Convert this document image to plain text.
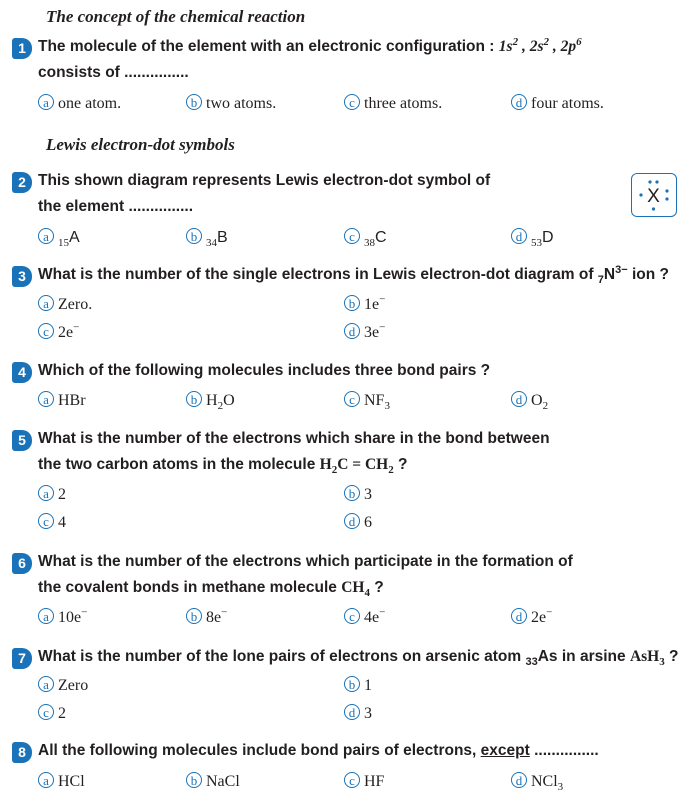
The concept of the chemical reaction
1 The molecule of the element with an electronic configuration : $1s^2$ , $2s^2$ , $2p^6$
consists of ...............
a one atom.	b two atoms.	c three atoms.	d four atoms.
Lewis electron-dot symbols
2 This shown diagram represents Lewis electron-dot symbol of
the element ...............	X
a $_{15}$A	b $_{34}$B	c $_{38}$C	d $_{53}$D
3 What is the number of the single electrons in Lewis electron-dot diagram of $_7N^{3-}$ ion ?
a Zero.	b 1e−
c 2e−	d 3e−
4 Which of the following molecules includes three bond pairs ?
a HBr	b $H_2O$	c $NF_3$	d $O_2$
5 What is the number of the electrons which share in the bond between
the two carbon atoms in the molecule $H_2C = CH_2$ ?
a 2	b 3
c 4	d 6
6 What is the number of the electrons which participate in the formation of
the covalent bonds in methane molecule $CH_4$ ?
a 10e−	b 8e−	c 4e−	d 2e−
7 What is the number of the lone pairs of electrons on arsenic atom $_{33}$As in arsine AsH$_3$ ?
a Zero	b 1
c 2	d 3
8 All the following molecules include bond pairs of electrons, except ...............
a HCl	b NaCl	c HF	d NCl$_3$
